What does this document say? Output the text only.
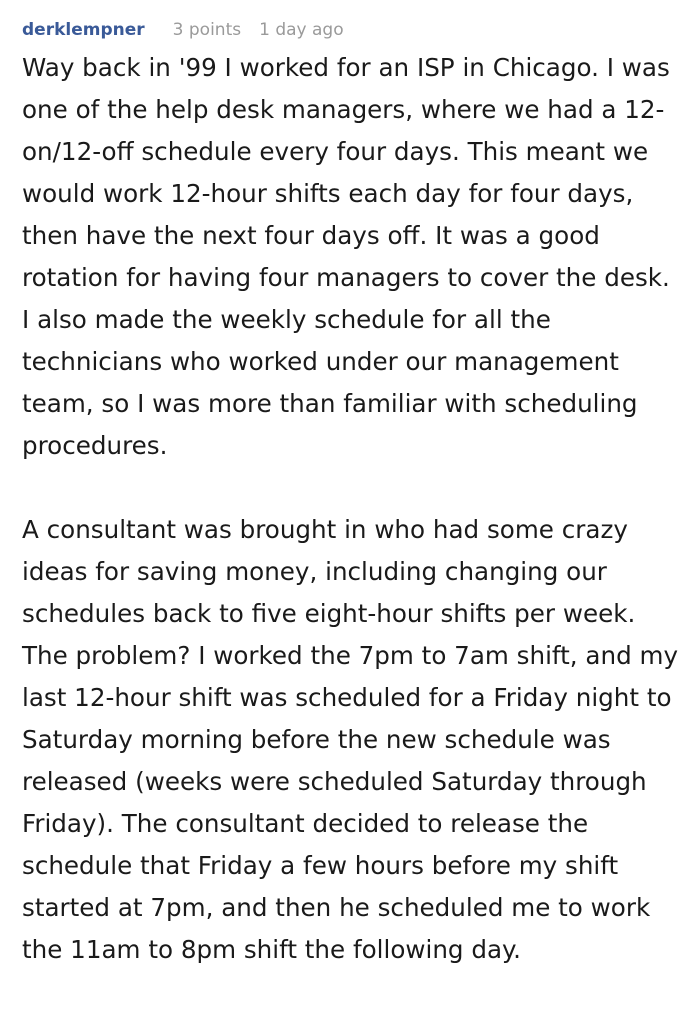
derklempner 3 points 1 day ago

Way back in '99 I worked for an ISP in Chicago. I was one of the help desk managers, where we had a 12-on/12-off schedule every four days. This meant we would work 12-hour shifts each day for four days, then have the next four days off. It was a good rotation for having four managers to cover the desk. I also made the weekly schedule for all the technicians who worked under our management team, so I was more than familiar with scheduling procedures.

A consultant was brought in who had some crazy ideas for saving money, including changing our schedules back to five eight-hour shifts per week. The problem? I worked the 7pm to 7am shift, and my last 12-hour shift was scheduled for a Friday night to Saturday morning before the new schedule was released (weeks were scheduled Saturday through Friday). The consultant decided to release the schedule that Friday a few hours before my shift started at 7pm, and then he scheduled me to work the 11am to 8pm shift the following day.
